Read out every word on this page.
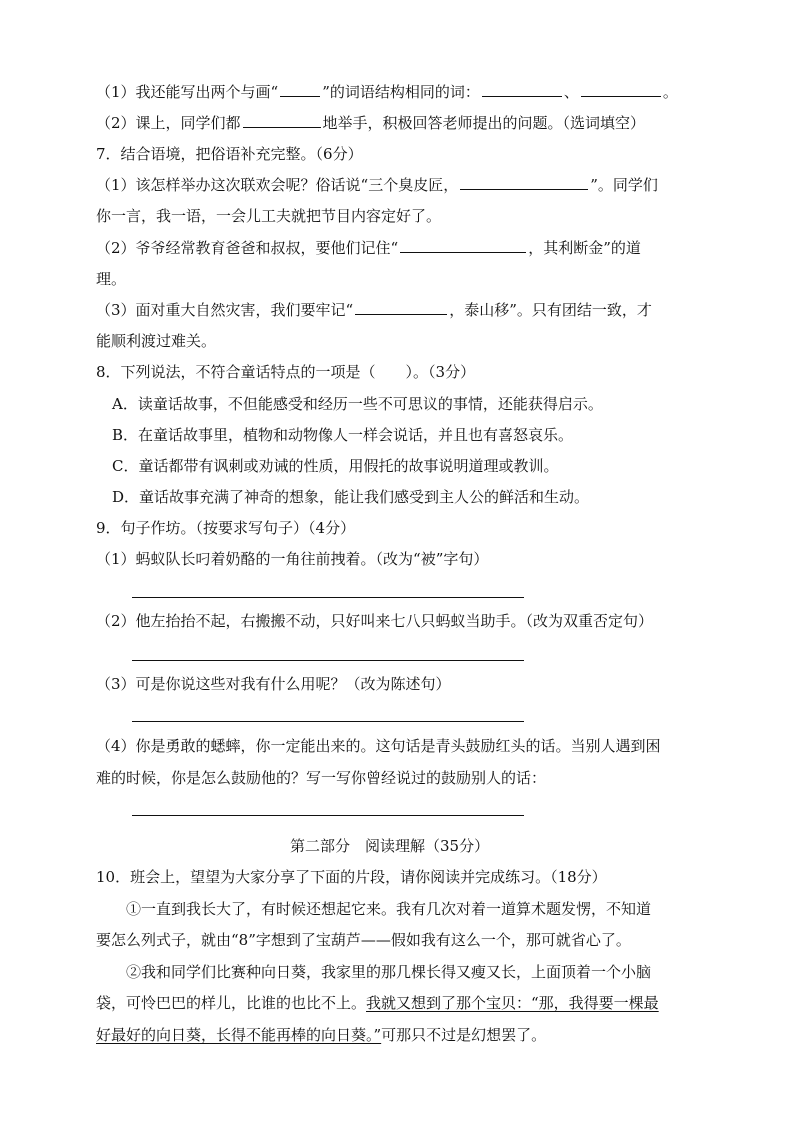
（1）我还能写出两个与画“	”的词语结构相同的词：	、	。
（2）课上，同学们都	地举手，积极回答老师提出的问题。（选词填空）
7．结合语境，把俗语补充完整。（6分）
（1）该怎样举办这次联欢会呢？俗话说“三个臭皮匠，	”。同学们
你一言，我一语，一会儿工夫就把节目内容定好了。
（2）爷爷经常教育爸爸和叔叔，要他们记住“	，其利断金”的道
理。
（3）面对重大自然灾害，我们要牢记“	，泰山移”。只有团结一致，才
能顺利渡过难关。
8．下列说法，不符合童话特点的一项是（　　）。（3分）
A．读童话故事，不但能感受和经历一些不可思议的事情，还能获得启示。
B．在童话故事里，植物和动物像人一样会说话，并且也有喜怒哀乐。
C．童话都带有讽刺或劝诫的性质，用假托的故事说明道理或教训。
D．童话故事充满了神奇的想象，能让我们感受到主人公的鲜活和生动。
9．句子作坊。（按要求写句子）（4分）
（1）蚂蚁队长叼着奶酪的一角往前拽着。（改为“被”字句）
（2）他左抬抬不起，右搬搬不动，只好叫来七八只蚂蚁当助手。（改为双重否定句）
（3）可是你说这些对我有什么用呢？（改为陈述句）
（4）你是勇敢的蟋蟀，你一定能出来的。这句话是青头鼓励红头的话。当别人遇到困
难的时候，你是怎么鼓励他的？写一写你曾经说过的鼓励别人的话：
第二部分　阅读理解（35分）
10．班会上，望望为大家分享了下面的片段，请你阅读并完成练习。（18分）
①一直到我长大了，有时候还想起它来。我有几次对着一道算术题发愣，不知道
要怎么列式子，就由“8”字想到了宝葫芦——假如我有这么一个，那可就省心了。
②我和同学们比赛种向日葵，我家里的那几棵长得又瘦又长，上面顶着一个小脑
袋，可怜巴巴的样儿，比谁的也比不上。我就又想到了那个宝贝：“那，我得要一棵最
好最好的向日葵，长得不能再棒的向日葵。”可那只不过是幻想罢了。
